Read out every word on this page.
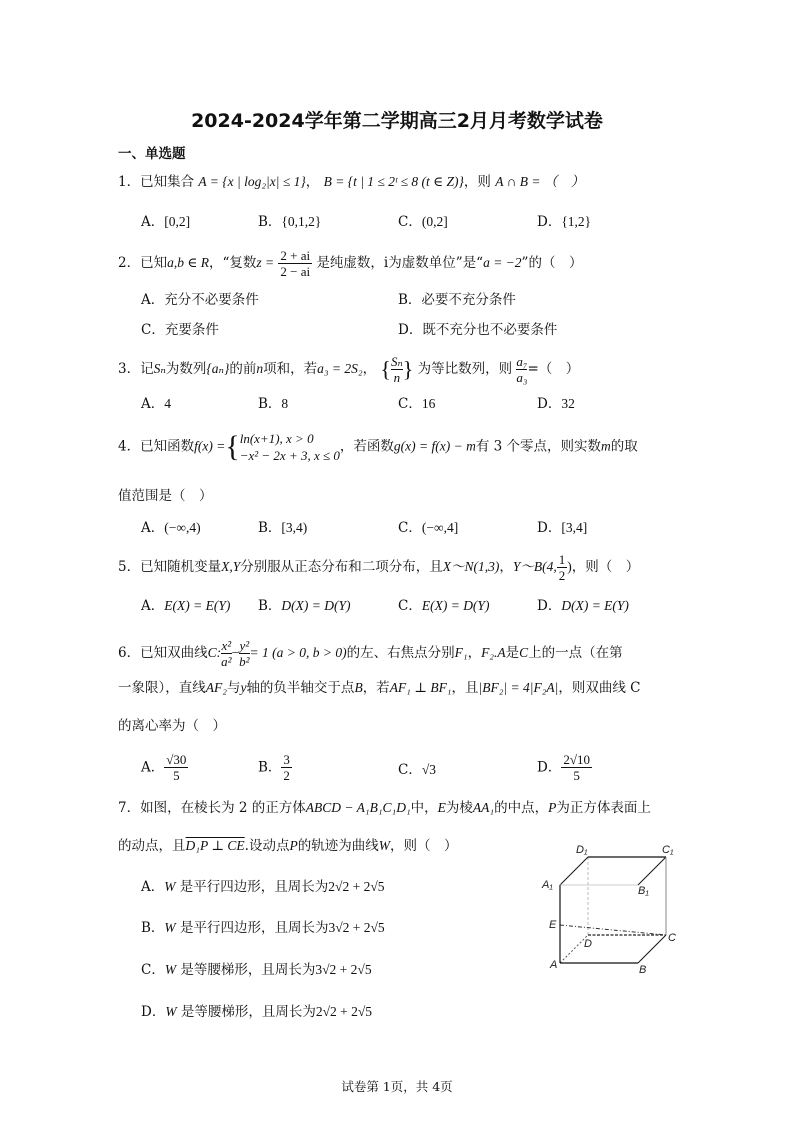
2024-2024学年第二学期高三2月月考数学试卷
一、单选题
1．已知集合 A = {x | log₂|x| ≤ 1}， B = {t | 1 ≤ 2ᵗ ≤ 8 (t ∈ Z)}，则 A ∩ B = （　）
A．[0,2]	B．{0,1,2}	C．(0,2]	D．{1,2}
2．已知a,b ∈ R，“复数$z = \frac{2 + ai}{2 - ai}$ 是纯虚数，i为虚数单位”是“a = −2”的（　）
A．充分不必要条件	B．必要不充分条件
C．充要条件	D．既不充分也不必要条件
3．记Sₙ为数列{aₙ}的前n项和，若a₃ = 2S₂， { $\frac{\text{Sₙ}}{n}$ } 为等比数列，则 $\frac{\text{a₇}}{\text{a₃}}$ =（　）
A．4	B．8	C．16	D．32
4．已知函数f(x) ={ ln(x+1), x > 0
−x² − 2x + 3, x ≤ 0
，若函数g(x) = f(x) − m有 3 个零点，则实数m的取
值范围是（　）
A．(−∞,4)	B．[3,4)	C．(−∞,4]	D．[3,4]
5．已知随机变量X,Y分别服从正态分布和二项分布，且X～N(1,3)，Y～B(4, $\frac{1}{2}$ )，则（　）
A．E(X) = E(Y) B．D(X) = D(Y)	C．E(X) = D(Y)	D．D(X) = E(Y)
6．已知双曲线C: $\frac{\text{x²}}{\text{a²}} - \frac{\text{y²}}{\text{b²}} = 1$ (a > 0, b > 0)的左、右焦点分别F₁，F₂.A是C上的一点（在第
一象限），直线AF₂与y轴的负半轴交于点B，若AF₁ ⊥ BF₁，且|BF₂| = 4|F₂A|，则双曲线 C
的离心率为（　）
A． $\frac{√30}{5}$	B． $\frac{3}{2}$	C．√3	D． $\frac{2√10}{5}$
7．如图，在棱长为 2 的正方体ABCD − A₁B₁C₁D₁中，E为棱AA₁的中点，P为正方体表面上
的动点，且D₁P ⊥ CE.设动点P的轨迹为曲线W，则（　）
A．W 是平行四边形，且周长为2√2 + 2√5
B．W 是平行四边形，且周长为3√2 + 2√5
C．W 是等腰梯形，且周长为3√2 + 2√5
D．W 是等腰梯形，且周长为2√2 + 2√5
D₁	C₁
A₁	B₁
E
D	C
A	B
试卷第 1页，共 4页
